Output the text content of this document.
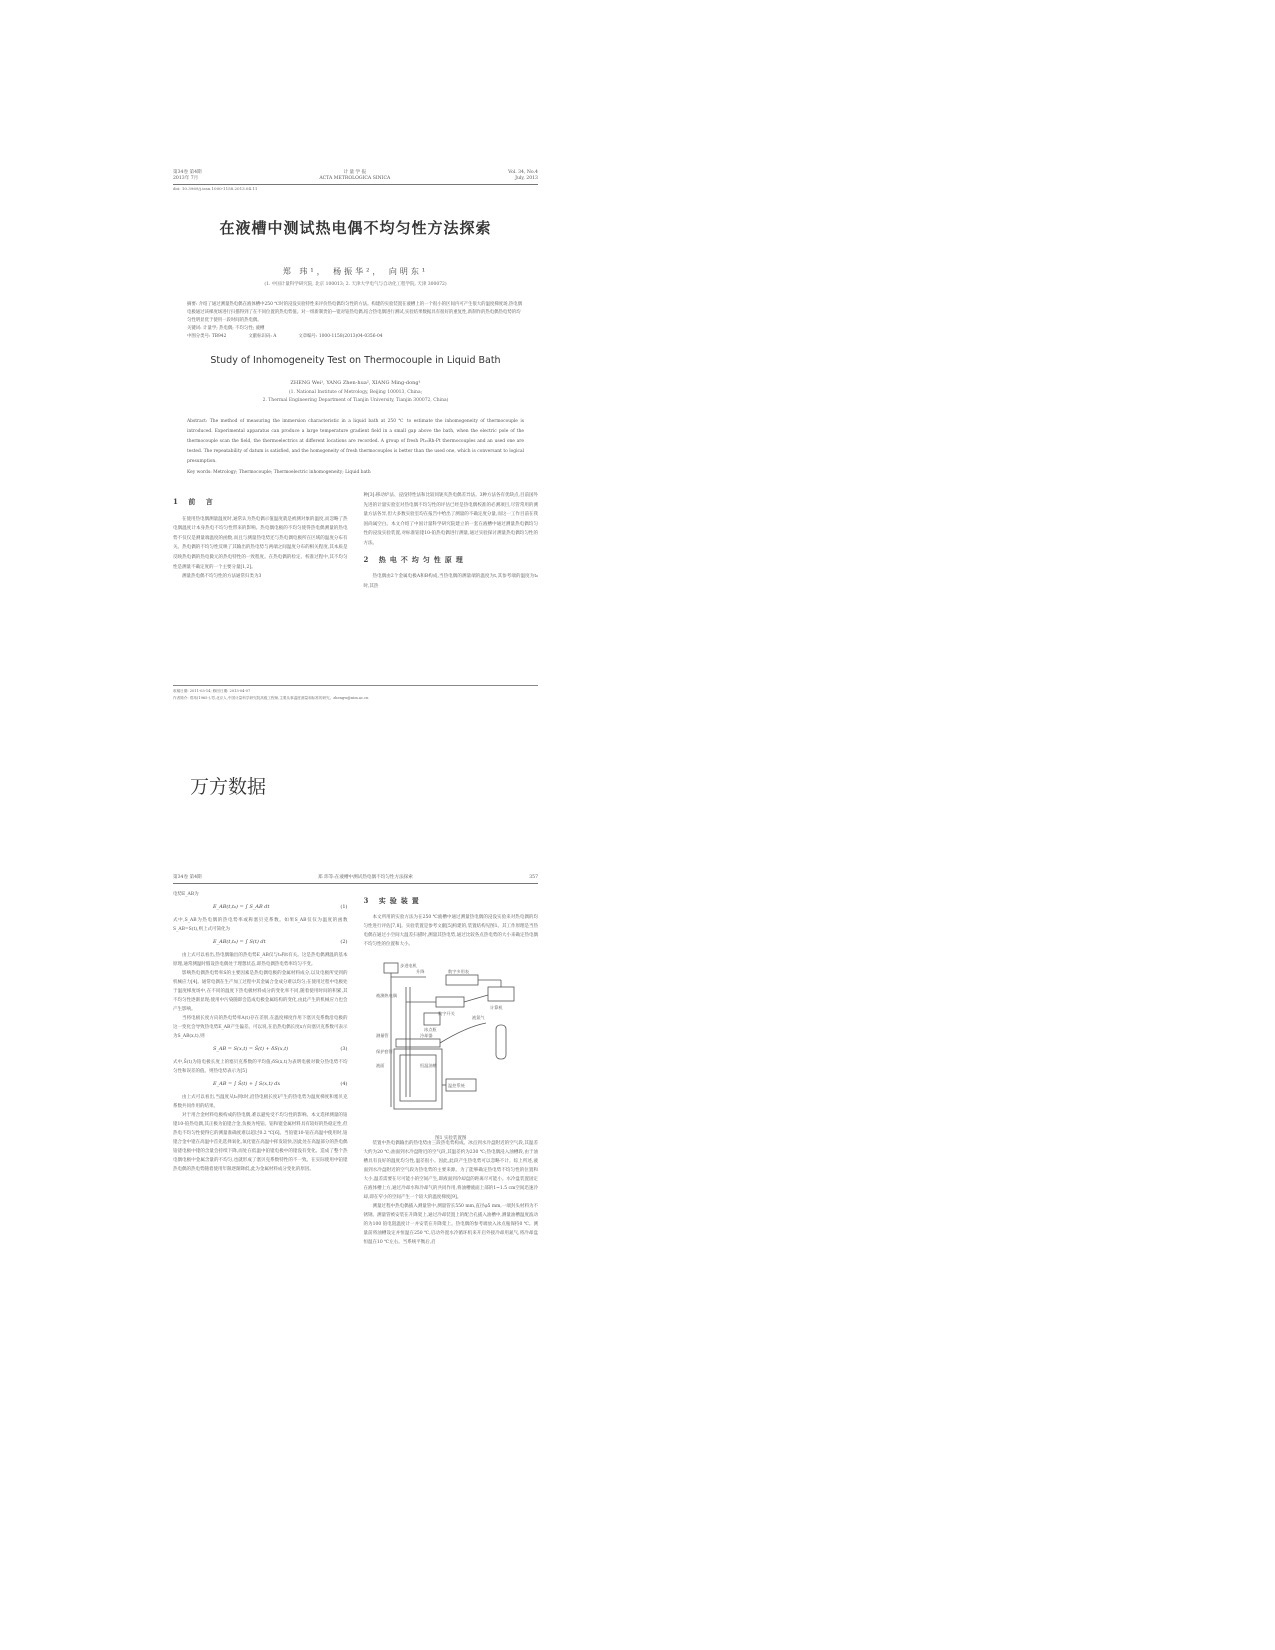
第34卷 第4期
2013年 7月
计 量 学 报
ACTA METROLOGICA SINICA
Vol. 34, No.4
July, 2013
doi: 10.3969/j.issn.1000-1158.2013.04.11
在液槽中测试热电偶不均匀性方法探索
郑 玮¹， 杨振华²， 向明东¹
(1. 中国计量科学研究院, 北京 100013; 2. 天津大学电气与自动化工程学院, 天津 300072)
摘要: 介绍了通过测量热电偶在液体槽中250 ℃时的浸没实验特性来评价热电偶均匀性的方法。构建的实验装置在液槽上的一个很小的区间内可产生很大的温度梯度场,热电偶电极通过该梯度场进行扫描得到了在不同位置的热电势值。对一组新制贵铂—铑对铂热电偶,结合热电偶进行测试,实验结果数据具有很好的重复性,新制作的热电偶热电势的均匀性明显优于使用一段时间的热电偶。
关键词: 计量学; 热电偶; 不均匀性; 液槽
中图分类号: TB942	文献标识码: A	文章编号: 1000-1158(2013)04-0356-04
Study of Inhomogeneity Test on Thermocouple in Liquid Bath
ZHENG Wei¹, YANG Zhen-hua², XIANG Ming-dong¹
(1. National Institute of Metrology, Beijing 100013, China;
2. Thermal Engineering Department of Tianjin University, Tianjin 300072, China)
Abstract: The method of measuring the immersion characteristic in a liquid bath at 250 ℃ to estimate the inhomogeneity of thermocouple is introduced. Experimental apparatus can produce a large temperature gradient field in a small gap above the bath, when the electric pole of the thermocouple scan the field, the thermoelectrics at different locations are recorded. A group of fresh Pt₁₀Rh-Pt thermocouples and an used one are tested. The repeatability of datum is satisfied, and the homogeneity of fresh thermocouples is better than the used one, which is conversant to logical presumption.
Key words: Metrology; Thermocouple; Thermoelectric inhomogeneity; Liquid bath
1 前 言
在使用热电偶测量温度时,通常认为热电偶示值温度就是被测对象的温度,而忽略了热电偶温度计本身热电不均匀性带来的影响。热电偶电极的不均匀使得热电偶测量的热电势不仅仅是测量端温度的函数,而且与测量热电势还与热电偶电极所在区域的温度分布有关。热电偶的不均匀性反映了其输出的热电势与两端之间温度分布的相关程度,其本质是反映热电偶的热电微元的热电特性的一致程度。在热电偶的检定、校准过程中,其不均匀性是测量不确定度的一个主要分量[1,2]。
测量热电偶不均匀性的方法通常归类为3
种[3]:移动炉法、浸没特性法和比较同轭夹热电偶差异法。3种方法各有优缺点,目前国外先进的计量实验室对热电偶不均匀性的评估已经是热电偶校准的必测项目,尽管常用的测量方法各异,但大多数实验室均在报告中给出了测量的不确定度分量,而这一工作目前在我国尚属空白。本文介绍了中国计量科学研究院建立的一套在液槽中通过测量热电偶均匀性的浸没实验装置,对标准铂铑10-铂热电偶进行测量,通过实验探讨测量热电偶均匀性的方法。
2 热电不均匀性原理
热电偶由2个金属电极A和B构成,当热电偶的测量端的温度为t,其参考端的温度为t₀时,其热
收稿日期: 2011-03-14; 修回日期: 2013-04-07
作者简介: 郑玮(1965-),男,北京人,中国计量科学研究院高级工程师,主要从事温度测量和标准的研究。zhengw@nim.ac.cn
万方数据
第34卷 第4期	郑 玮等:在液槽中测试热电偶不均匀性方法探索	357
电势E_AB为
E_AB(t,t₀) = ∫ S_AB dt	(1)
式中,S_AB为热电偶的热电势率或称塞贝克系数。如果S_AB仅仅为温度的函数S_AB=S(t),则上式可简化为
E_AB(t,t₀) = ∫ S(t) dt	(2)
由上式可以看出,热电偶输出的热电势E_AB仅与t₀和t有关。这是热电偶测温的基本原理,通常测温时假设热电偶处于理想状态,即热电偶热电势率均匀不变。
影响热电偶热电势率S的主要因素是热电偶电极的金属材料成分,以及电极所受到的机械应力[4]。通常电偶在生产加工过程中其金属合金成分难以均匀;在使用过程中电极处于温度梯度场中,在不同的温度下热电极材料成分的变化率不同,随着使用时间的积累,其不均匀性逐渐显现;使用中污染随即会造成电极金属结构的变化,由此产生的机械应力也会产生影响。
当将电极长度方向的热电势率A(t)存在差别,在温度梯度作用下塞贝克系数沿电极的这一变化会导致热电势E_AB产生偏差。可以说,在沿热电偶长度x方向塞贝克系数可表示为S_AB(x,t),则
S_AB = S(x,t) = S̄(t) + δS(x,t)	(3)
式中,S̄(t)为铂电极长度上的塞贝克系数的平均值;δS(x,t)为表明电极对微分热电势不均匀性和误差的值。则热电势表示为[5]
E_AB = ∫ S̄(t) + ∫ S(x,t) dx	(4)
由上式可以看出,当温度从t₀到t时,沿热电极长度l产生的热电势为温度梯度和塞贝克系数共同作用的结果。
对于用合金材料电极构成的热电偶,难以避免受不均匀性的影响。本文选择测量的铂铑10-铂热电偶,其正极为铂铑合金,负极为纯铂。铂和铑金属材料具有较好的热稳定性,但热电不均匀性使得它的测量准确度难以超过0.2 ℃[6]。当铂铑10-铂在高温中使用时,铂铑合金中铑在高温中首先选择氧化,氧化铑在高温中挥发较快,因此处在高温部分的热电偶铂铑电极中铑的含量会持续下降,而处在低温中铂铑电极中的铑没有变化。造成了整个热电偶电极中金属含量的不均匀,也就形成了塞贝克系数特性的不一致。在实际使用中铂铑热电偶的热电势随着使用年限逐渐降低,此为金属材料成分变化的原因。
3 实验装置
本文所用的实验方法为在250 ℃液槽中通过测量热电偶的浸没实验来对热电偶的均匀性进行评估[7,8]。实验装置是参考文献[5]构建的,装置结构见图1。其工作原理是当热电偶在通过小空间大温差扫描时,测量其热电势,通过比较各点热电势的大小来确定热电偶不均匀性的位置和大小。
步进电机
升降	数字多用表
计算机
数字开关
被测热电偶
冰点瓶
液氮气
测量管
保护套管
冷却器
液面	恒温油槽
温控系统
图1 实验装置图
装置中热电偶输出的热电势由三段热电势构成。冰点到水冷盘附近的空气段,其温差大约为20 ℃;油面到水冷盘附近的空气段,其温差约为230 ℃;热电偶浸入油槽段,由于油槽具有良好的温度均匀性,温差很小。因此,此段产生热电势可以忽略不计。综上所述,液面到水冷盘附近的空气段为热电势的主要来源。为了能够确定热电势不均匀性的位置和大小,温差需要在尽可能小的空间产生,即液面到冷却盘的距离尽可能小。水冷盘装置固定在液体槽上方,通过冷却水和冷却气的共同作用,将油槽液面上部的1~1.5 cm空间迅速冷却,即在窄小的空间产生一个较大的温度梯度[9]。
测量过程中热电偶插入测量管中,测量管长550 mm,直径φ5 mm,一端封头材料为不锈钢。测量管被安装在升降架上,通过冷却装置上的配合孔插入油槽中,测量油槽温度波动的为100 铂电阻温度计一并安装在升降架上。热电偶的参考端放入冰点瓶保持0 ℃。测量前将油槽设定并恒温在250 ℃,启动外置水冷循环机来开启外接冷却用氮气,将冷却盘恒温在10 ℃左右。当系统平衡后,启
